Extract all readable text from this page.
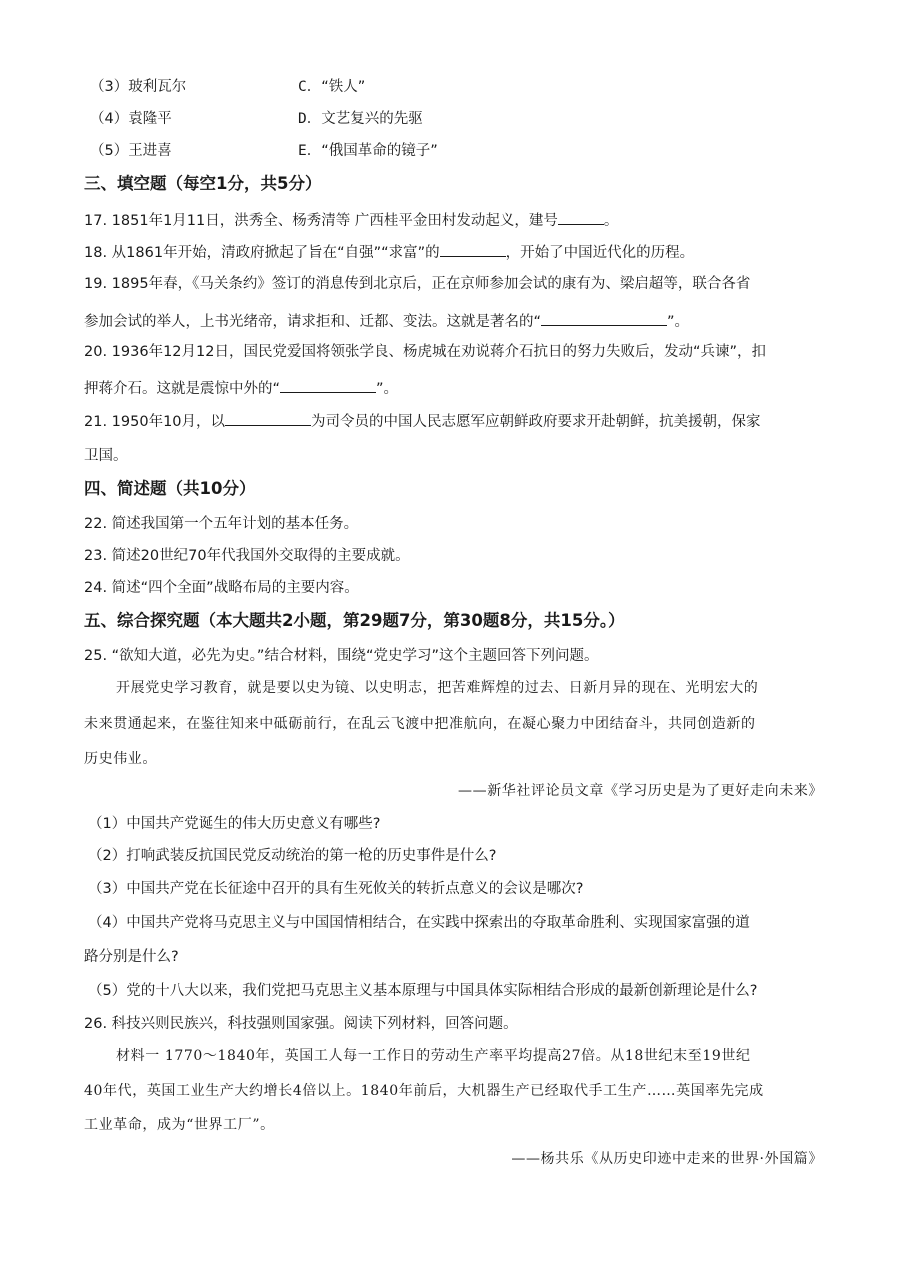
（3）玻利瓦尔	C．“铁人”
（4）袁隆平	D．文艺复兴的先驱
（5）王进喜	E．“俄国革命的镜子”
三、填空题（每空1分，共5分）
17. 1851年1月11日，洪秀全、杨秀清等 广西桂平金田村发动起义，建号	。
18. 从1861年开始，清政府掀起了旨在“自强”“求富”的	，开始了中国近代化的历程。
19. 1895年春，《马关条约》签订的消息传到北京后，正在京师参加会试的康有为、梁启超等，联合各省
参加会试的举人，上书光绪帝，请求拒和、迁都、变法。这就是著名的“	”。
20. 1936年12月12日，国民党爱国将领张学良、杨虎城在劝说蒋介石抗日的努力失败后，发动“兵谏”，扣
押蒋介石。这就是震惊中外的“	”。
21. 1950年10月，以	为司令员的中国人民志愿军应朝鲜政府要求开赴朝鲜，抗美援朝，保家
卫国。
四、简述题（共10分）
22. 简述我国第一个五年计划的基本任务。
23. 简述20世纪70年代我国外交取得的主要成就。
24. 简述“四个全面”战略布局的主要内容。
五、综合探究题（本大题共2小题，第29题7分，第30题8分，共15分。）
25. “欲知大道，必先为史。”结合材料，围绕“党史学习”这个主题回答下列问题。
开展党史学习教育，就是要以史为镜、以史明志，把苦难辉煌的过去、日新月异的现在、光明宏大的
未来贯通起来，在鉴往知来中砥砺前行，在乱云飞渡中把准航向，在凝心聚力中团结奋斗，共同创造新的
历史伟业。
——新华社评论员文章《学习历史是为了更好走向未来》
（1）中国共产党诞生的伟大历史意义有哪些?
（2）打响武装反抗国民党反动统治的第一枪的历史事件是什么?
（3）中国共产党在长征途中召开的具有生死攸关的转折点意义的会议是哪次?
（4）中国共产党将马克思主义与中国国情相结合，在实践中探索出的夺取革命胜利、实现国家富强的道
路分别是什么?
（5）党的十八大以来，我们党把马克思主义基本原理与中国具体实际相结合形成的最新创新理论是什么?
26. 科技兴则民族兴，科技强则国家强。阅读下列材料，回答问题。
材料一 1770～1840年，英国工人每一工作日的劳动生产率平均提高27倍。从18世纪末至19世纪
40年代，英国工业生产大约增长4倍以上。1840年前后，大机器生产已经取代手工生产……英国率先完成
工业革命，成为“世界工厂”。
——杨共乐《从历史印迹中走来的世界·外国篇》
